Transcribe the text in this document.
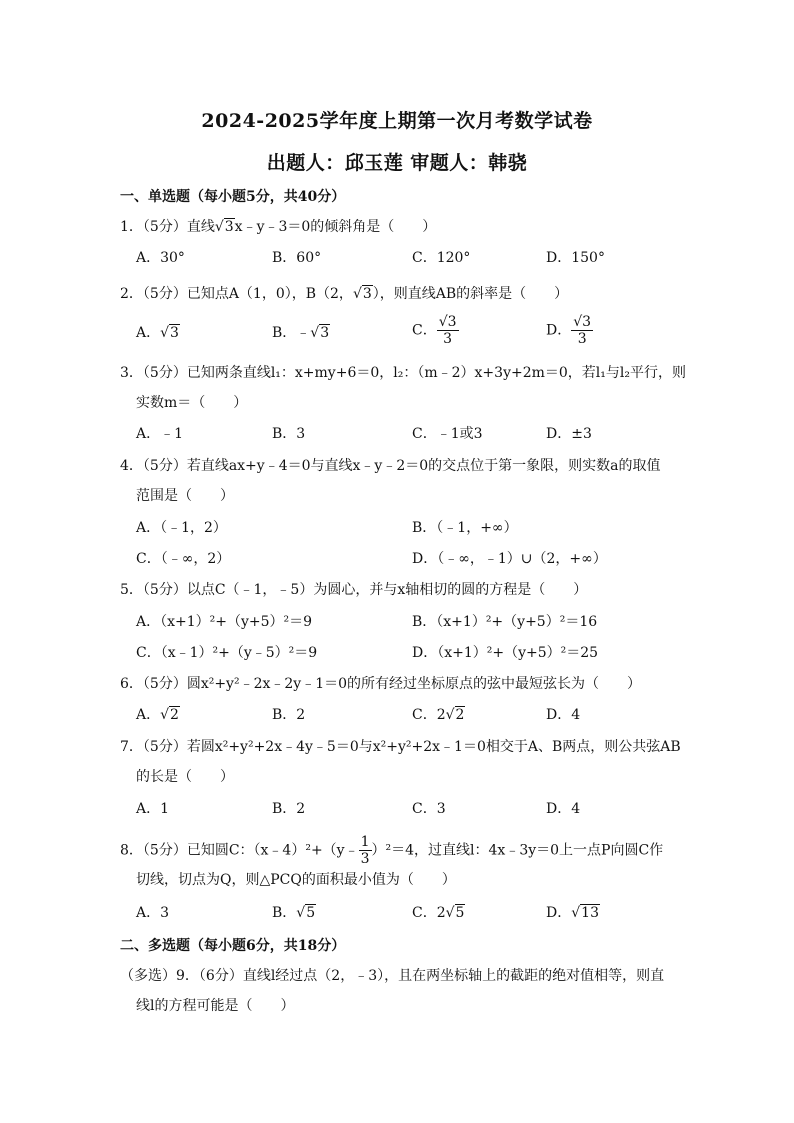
2024-2025学年度上期第一次月考数学试卷
出题人：邱玉莲 审题人：韩骁
一、单选题（每小题5分，共40分）
1．（5分）直线√3x﹣y﹣3＝0的倾斜角是（　　）
A．30°	B．60°	C．120°	D．150°
2．（5分）已知点A（1，0），B（2，√3），则直线AB的斜率是（　　）
A．√3	B．﹣√3	C． $\frac{√3}{3}$	D． $\frac{√3}{3}$
3．（5分）已知两条直线l₁：x+my+6＝0，l₂：（m﹣2）x+3y+2m＝0，若l₁与l₂平行，则
实数m＝（　　）
A．﹣1	B．3	C．﹣1或3	D．±3
4．（5分）若直线ax+y﹣4＝0与直线x﹣y﹣2＝0的交点位于第一象限，则实数a的取值
范围是（　　）
A．（﹣1，2）	B．（﹣1，+∞）
C．（﹣∞，2）	D．（﹣∞，﹣1）∪（2，+∞）
5．（5分）以点C（﹣1，﹣5）为圆心，并与x轴相切的圆的方程是（　　）
A．（x+1）²+（y+5）²＝9	B．（x+1）²+（y+5）²＝16
C．（x﹣1）²+（y﹣5）²＝9	D．（x+1）²+（y+5）²＝25
6．（5分）圆x²+y²﹣2x﹣2y﹣1＝0的所有经过坐标原点的弦中最短弦长为（　　）
A．√2	B．2	C．2√2	D．4
7．（5分）若圆x²+y²+2x﹣4y﹣5＝0与x²+y²+2x﹣1＝0相交于A、B两点，则公共弦AB
的长是（　　）
A．1	B．2	C．3	D．4
8．（5分）已知圆C：（x﹣4）²+（y﹣ $\frac{1}{3} )^2=4$，过直线l：4x﹣3y＝0上一点P向圆C作
切线，切点为Q，则△PCQ的面积最小值为（　　）
A．3	B．√5	C．2√5	D．√13
二、多选题（每小题6分，共18分）
（多选）9．（6分）直线l经过点（2，﹣3），且在两坐标轴上的截距的绝对值相等，则直
线l的方程可能是（　　）
